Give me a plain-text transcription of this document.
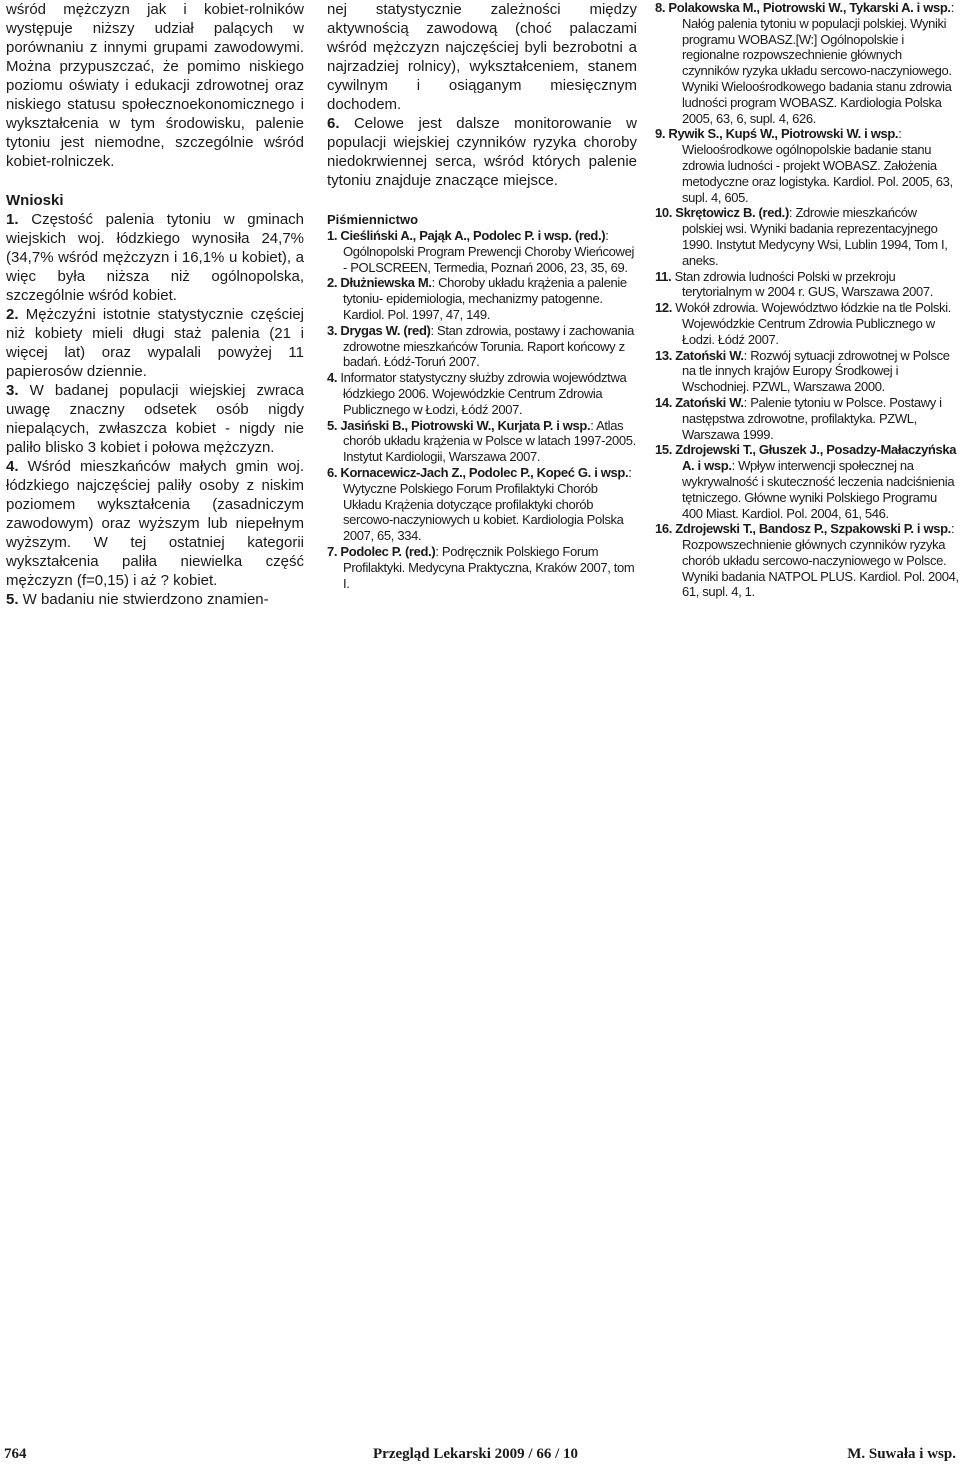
wśród mężczyzn jak i kobiet-rolników występuje niższy udział palących w porównaniu z innymi grupami zawodowymi. Można przypuszczać, że pomimo niskiego poziomu oświaty i edukacji zdrowotnej oraz niskiego statusu społecznoekonomicznego i wykształcenia w tym środowisku, palenie tytoniu jest niemodne, szczególnie wśród kobiet-rolniczek.

Wnioski

1. Częstość palenia tytoniu w gminach wiejskich woj. łódzkiego wynosiła 24,7% (34,7% wśród mężczyzn i 16,1% u kobiet), a więc była niższa niż ogólnopolska, szczególnie wśród kobiet.

2. Mężczyźni istotnie statystycznie częściej niż kobiety mieli długi staż palenia (21 i więcej lat) oraz wypalali powyżej 11 papierosów dziennie.

3. W badanej populacji wiejskiej zwraca uwagę znaczny odsetek osób nigdy niepalących, zwłaszcza kobiet - nigdy nie paliło blisko 3 kobiet i połowa mężczyzn.

4. Wśród mieszkańców małych gmin woj. łódzkiego najczęściej paliły osoby z niskim poziomem wykształcenia (zasadniczym zawodowym) oraz wyższym lub niepełnym wyższym. W tej ostatniej kategorii wykształcenia paliła niewielka część mężczyzn (f=0,15) i aż ? kobiet.

5. W badaniu nie stwierdzono znamien-

nej statystycznie zależności między aktywnością zawodową (choć palaczami wśród mężczyzn najczęściej byli bezrobotni a najrzadziej rolnicy), wykształceniem, stanem cywilnym i osiąganym miesięcznym dochodem.

6. Celowe jest dalsze monitorowanie w populacji wiejskiej czynników ryzyka choroby niedokrwiennej serca, wśród których palenie tytoniu znajduje znaczące miejsce.

Piśmiennictwo

1. Cieśliński A., Pająk A., Podolec P. i wsp. (red.): Ogólnopolski Program Prewencji Choroby Wieńcowej - POLSCREEN, Termedia, Poznań 2006, 23, 35, 69.

2. Dłużniewska M.: Choroby układu krążenia a palenie tytoniu- epidemiologia, mechanizmy patogenne. Kardiol. Pol. 1997, 47, 149.

3. Drygas W. (red): Stan zdrowia, postawy i zachowania zdrowotne mieszkańców Torunia. Raport końcowy z badań. Łódź-Toruń 2007.

4. Informator statystyczny służby zdrowia województwa łódzkiego 2006. Wojewódzkie Centrum Zdrowia Publicznego w Łodzi, Łódź 2007.

5. Jasiński B., Piotrowski W., Kurjata P. i wsp.: Atlas chorób układu krążenia w Polsce w latach 1997-2005. Instytut Kardiologii, Warszawa 2007.

6. Kornacewicz-Jach Z., Podolec P., Kopeć G. i wsp.: Wytyczne Polskiego Forum Profilaktyki Chorób Układu Krążenia dotyczące profilaktyki chorób sercowo-naczyniowych u kobiet. Kardiologia Polska 2007, 65, 334.

7. Podolec P. (red.): Podręcznik Polskiego Forum Profilaktyki. Medycyna Praktyczna, Kraków 2007, tom I.

8. Polakowska M., Piotrowski W., Tykarski A. i wsp.: Nałóg palenia tytoniu w populacji polskiej. Wyniki programu WOBASZ.[W:] Ogólnopolskie i regionalne rozpowszechnienie głównych czynników ryzyka układu sercowo-naczyniowego. Wyniki Wieloośrodkowego badania stanu zdrowia ludności program WOBASZ. Kardiologia Polska 2005, 63, 6, supl. 4, 626.

9. Rywik S., Kupś W., Piotrowski W. i wsp.: Wieloośrodkowe ogólnopolskie badanie stanu zdrowia ludności - projekt WOBASZ. Założenia metodyczne oraz logistyka. Kardiol. Pol. 2005, 63, supl. 4, 605.

10. Skrętowicz B. (red.): Zdrowie mieszkańców polskiej wsi. Wyniki badania reprezentacyjnego 1990. Instytut Medycyny Wsi, Lublin 1994, Tom I, aneks.

11. Stan zdrowia ludności Polski w przekroju terytorialnym w 2004 r. GUS, Warszawa 2007.

12. Wokół zdrowia. Województwo łódzkie na tle Polski. Wojewódzkie Centrum Zdrowia Publicznego w Łodzi. Łódź 2007.

13. Zatoński W.: Rozwój sytuacji zdrowotnej w Polsce na tle innych krajów Europy Środkowej i Wschodniej. PZWL, Warszawa 2000.

14. Zatoński W.: Palenie tytoniu w Polsce. Postawy i następstwa zdrowotne, profilaktyka. PZWL, Warszawa 1999.

15. Zdrojewski T., Głuszek J., Posadzy-Małaczyńska A. i wsp.: Wpływ interwencji społecznej na wykrywalność i skuteczność leczenia nadciśnienia tętniczego. Główne wyniki Polskiego Programu 400 Miast. Kardiol. Pol. 2004, 61, 546.

16. Zdrojewski T., Bandosz P., Szpakowski P. i wsp.: Rozpowszechnienie głównych czynników ryzyka chorób układu sercowo-naczyniowego w Polsce. Wyniki badania NATPOL PLUS. Kardiol. Pol. 2004, 61, supl. 4, 1.

764	Przegląd Lekarski 2009 / 66 / 10	M. Suwała i wsp.
